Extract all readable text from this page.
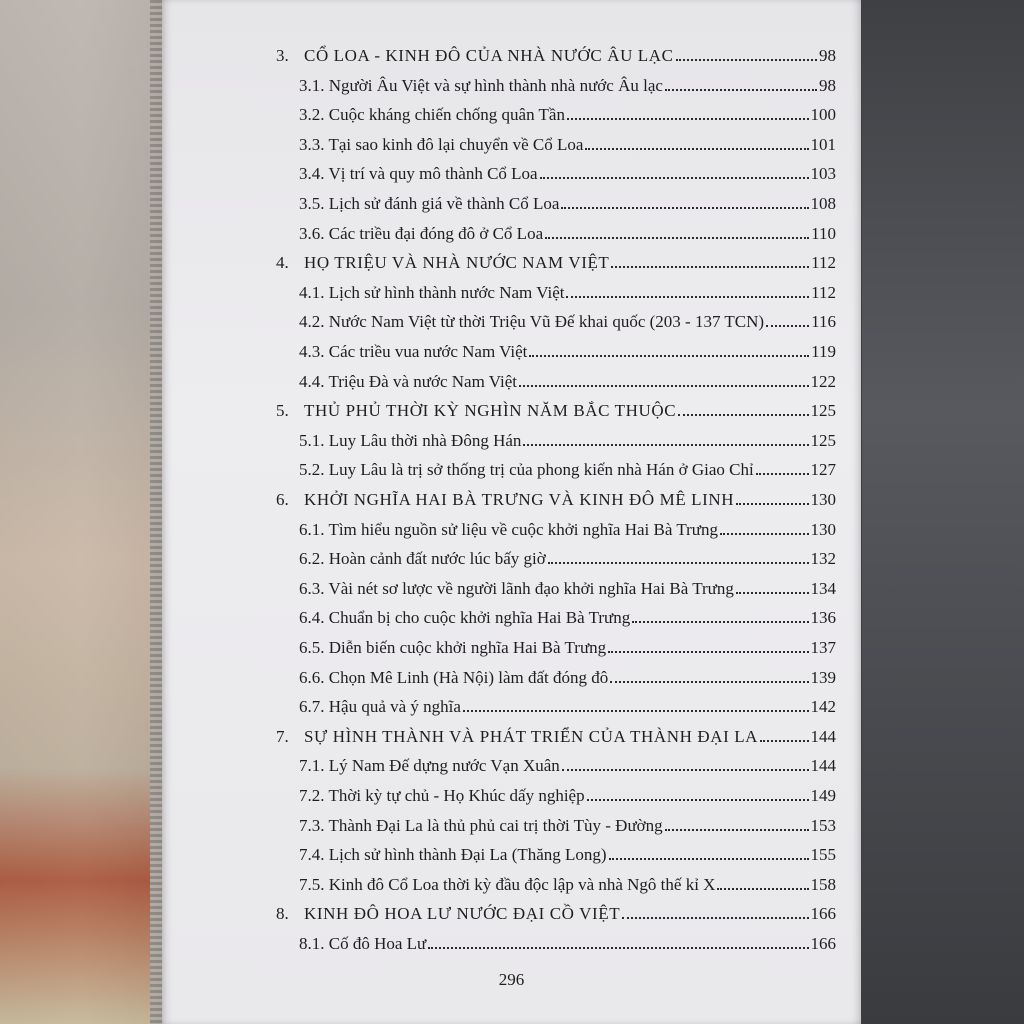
3. CỔ LOA - KINH ĐÔ CỦA NHÀ NƯỚC ÂU LẠC	98
3.1. Người Âu Việt và sự hình thành nhà nước Âu lạc	98
3.2. Cuộc kháng chiến chống quân Tần	100
3.3. Tại sao kinh đô lại chuyển về Cổ Loa	101
3.4. Vị trí và quy mô thành Cổ Loa	103
3.5. Lịch sử đánh giá về thành Cổ Loa	108
3.6. Các triều đại đóng đô ở Cổ Loa	110
4. HỌ TRIỆU VÀ NHÀ NƯỚC NAM VIỆT	112
4.1. Lịch sử hình thành nước Nam Việt	112
4.2. Nước Nam Việt từ thời Triệu Vũ Đế khai quốc (203 - 137 TCN)	116
4.3. Các triều vua nước Nam Việt	119
4.4. Triệu Đà và nước Nam Việt	122
5. THỦ PHỦ THỜI KỲ NGHÌN NĂM BẮC THUỘC	125
5.1. Luy Lâu thời nhà Đông Hán	125
5.2. Luy Lâu là trị sở thống trị của phong kiến nhà Hán ở Giao Chỉ	127
6. KHỞI NGHĨA HAI BÀ TRƯNG VÀ KINH ĐÔ MÊ LINH	130
6.1. Tìm hiểu nguồn sử liệu về cuộc khởi nghĩa Hai Bà Trưng	130
6.2. Hoàn cảnh đất nước lúc bấy giờ	132
6.3. Vài nét sơ lược về người lãnh đạo khởi nghĩa Hai Bà Trưng	134
6.4. Chuẩn bị cho cuộc khởi nghĩa Hai Bà Trưng	136
6.5. Diễn biến cuộc khởi nghĩa Hai Bà Trưng	137
6.6. Chọn Mê Linh (Hà Nội) làm đất đóng đô	139
6.7. Hậu quả và ý nghĩa	142
7. SỰ HÌNH THÀNH VÀ PHÁT TRIỂN CỦA THÀNH ĐẠI LA	144
7.1. Lý Nam Đế dựng nước Vạn Xuân	144
7.2. Thời kỳ tự chủ - Họ Khúc dấy nghiệp	149
7.3. Thành Đại La là thủ phủ cai trị thời Tùy - Đường	153
7.4. Lịch sử hình thành Đại La (Thăng Long)	155
7.5. Kinh đô Cổ Loa thời kỳ đầu độc lập và nhà Ngô thế kỉ X	158
8. KINH ĐÔ HOA LƯ NƯỚC ĐẠI CỒ VIỆT	166
8.1. Cố đô Hoa Lư	166
296
